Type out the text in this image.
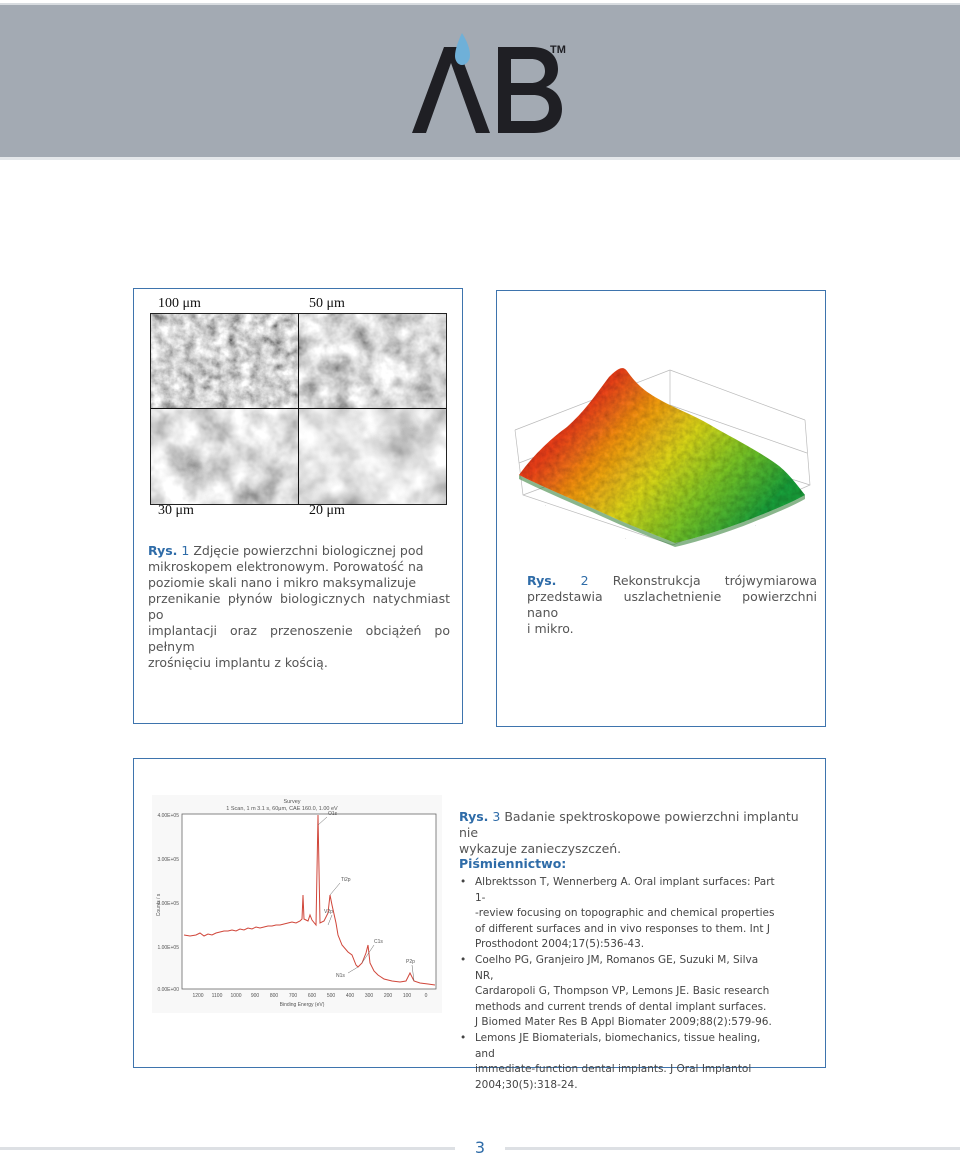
TM
100 μm	50 μm
30 μm	20 μm
Rys. 1 Zdjęcie powierzchni biologicznej pod
mikroskopem elektronowym. Porowatość na
poziomie skali nano i mikro maksymalizuje
przenikanie płynów biologicznych natychmiast po
implantacji oraz przenoszenie obciążeń po pełnym
zrośnięciu implantu z kością.
·
·
·
Rys. 2 Rekonstrukcja trójwymiarowa
przedstawia uszlachetnienie powierzchni nano
i mikro.
Survey
1 Scan, 1 m 3.1 s, 60μm, CAE 160.0, 1.00 eV
4.00E+05
3.00E+05
2.00E+05
1.00E+05
0.00E+00
Counts / s
1200 1100 1000 900 800 700 600 500 400 300 200 100	0
Binding Energy (eV)
O1s
Ti2p
V2p
C1s
N1s
P2p
Rys. 3 Badanie spektroskopowe powierzchni implantu nie
wykazuje zanieczyszczeń.
Piśmiennictwo:
• Albrektsson T, Wennerberg A. Oral implant surfaces: Part 1-
-review focusing on topographic and chemical properties
of different surfaces and in vivo responses to them. Int J
Prosthodont 2004;17(5):536-43.
• Coelho PG, Granjeiro JM, Romanos GE, Suzuki M, Silva NR,
Cardaropoli G, Thompson VP, Lemons JE. Basic research
methods and current trends of dental implant surfaces.
J Biomed Mater Res B Appl Biomater 2009;88(2):579-96.
• Lemons JE Biomaterials, biomechanics, tissue healing, and
immediate-function dental implants. J Oral Implantol
2004;30(5):318-24.
3
